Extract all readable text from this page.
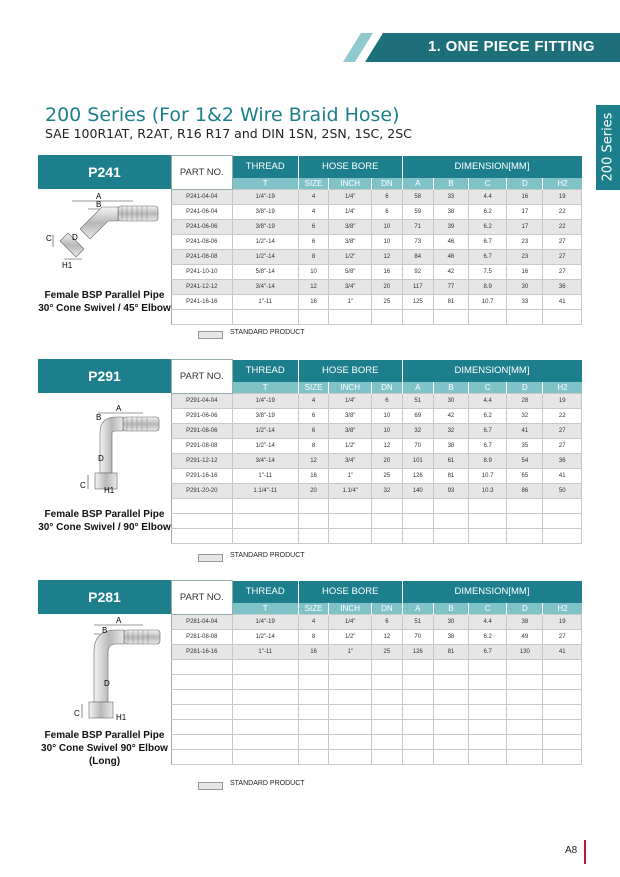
1. ONE PIECE FITTING
200 Series
200 Series (For 1&2 Wire Braid Hose)
SAE 100R1AT, R2AT, R16 R17 and DIN 1SN, 2SN, 1SC, 2SC
P241
A
B
C	D
H1
Female BSP Parallel Pipe
30° Cone Swivel / 45° Elbow
PART NO.	THREAD	HOSE BORE			DIMENSION[MM]				
	T	SIZE	INCH	DN	A	B	C	D	H2
P241-04-04	1/4"-19	4	1/4"	6	58	33	4.4	16	19
P241-06-04	3/8"-19	4	1/4"	6	59	38	6.2	17	22
P241-06-06	3/8"-19	6	3/8"	10	71	39	6.2	17	22
P241-08-06	1/2"-14	6	3/8"	10	73	46	6.7	23	27
P241-08-08	1/2"-14	8	1/2"	12	84	46	6.7	23	27
P241-10-10	5/8"-14	10	5/8"	16	92	42	7.5	16	27
P241-12-12	3/4"-14	12	3/4"	20	117	77	8.9	30	36
P241-16-16	1"-11	16	1"	25	125	81	10.7	33	41

STANDARD PRODUCT
P291
A
B
C
D
H1
Female BSP Parallel Pipe
30° Cone Swivel / 90° Elbow
PART NO.	THREAD	HOSE BORE			DIMENSION[MM]				
	T	SIZE	INCH	DN	A	B	C	D	H2
P291-04-04	1/4"-19	4	1/4"	6	51	30	4.4	28	19
P291-06-06	3/8"-19	6	3/8"	10	69	42	6.2	32	22
P291-08-06	1/2"-14	6	3/8"	10	32	32	6.7	41	27
P291-08-08	1/2"-14	8	1/2"	12	70	38	6.7	35	27
P291-12-12	3/4"-14	12	3/4"	20	101	61	8.9	54	36
P291-16-16	1"-11	16	1"	25	126	81	10.7	65	41
P291-20-20	1.1/4"-11	20	1.1/4"	32	140	93	10.3	86	50

STANDARD PRODUCT
P281
A
B
C
D
H1
Female BSP Parallel Pipe
30° Cone Swivel 90° Elbow
(Long)
PART NO.	THREAD	HOSE BORE			DIMENSION[MM]				
	T	SIZE	INCH	DN	A	B	C	D	H2
P281-04-04	1/4"-19	4	1/4"	6	51	30	4.4	38	19
P281-08-08	1/2"-14	8	1/2"	12	70	38	6.2	49	27
P281-16-16	1"-11	16	1"	25	126	81	6.7	130	41

STANDARD PRODUCT
A8
